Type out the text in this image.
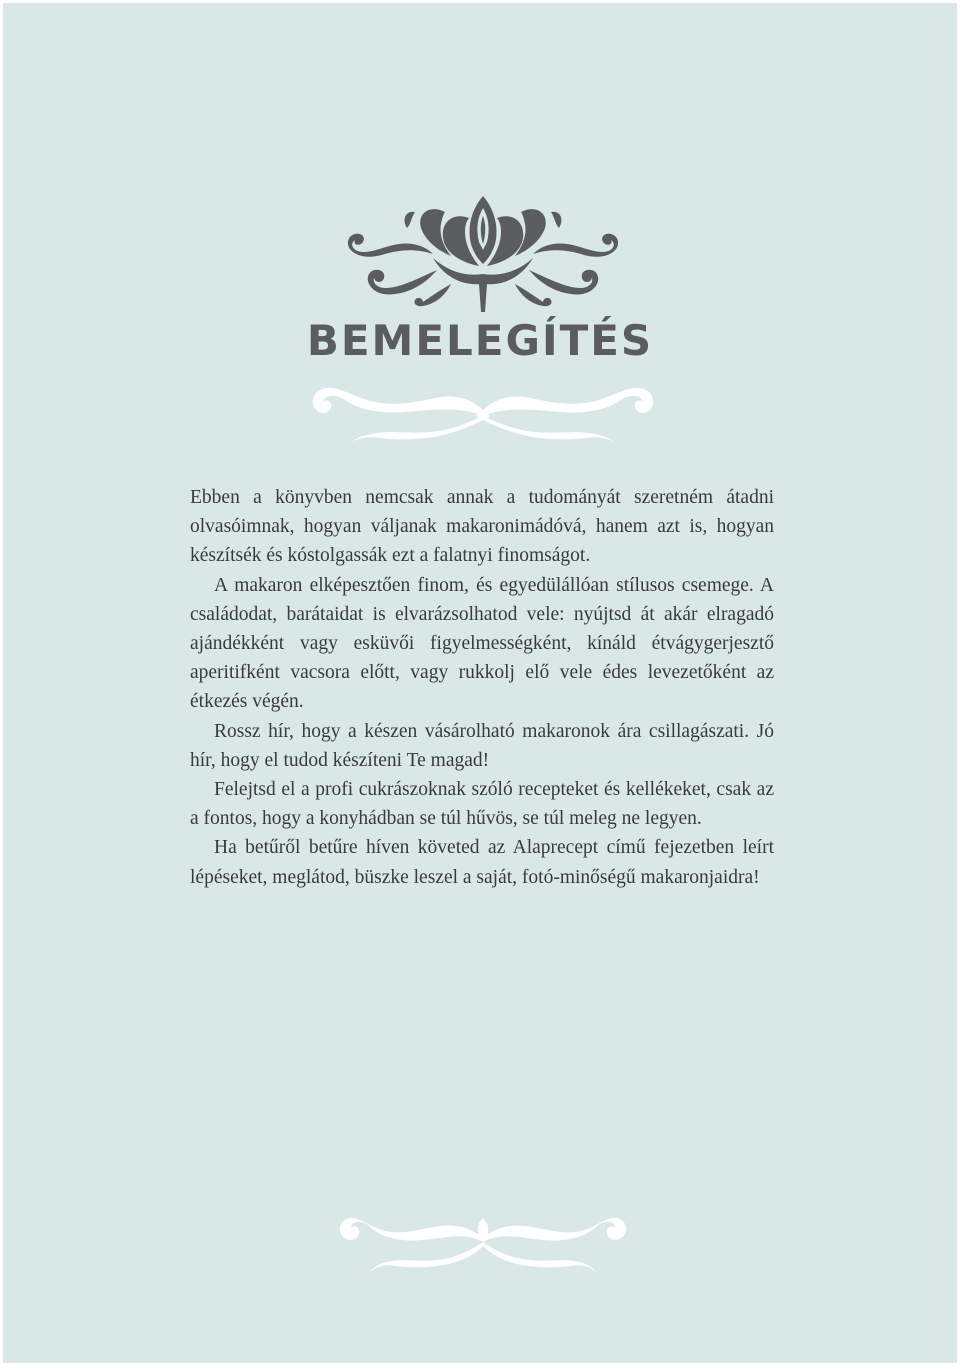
BEMELEGÍTÉS

Ebben a könyvben nemcsak annak a tudományát szeretném átadni olvasóimnak, hogyan váljanak makaronimádóvá, hanem azt is, hogyan készítsék és kóstolgassák ezt a falatnyi finomságot.

A makaron elképesztően finom, és egyedülállóan stílusos csemege. A családodat, barátaidat is elvarázsolhatod vele: nyújtsd át akár elragadó ajándékként vagy esküvői figyelmességként, kínáld étvágygerjesztő aperitifként vacsora előtt, vagy rukkolj elő vele édes levezetőként az étkezés végén.

Rossz hír, hogy a készen vásárolható makaronok ára csillagászati. Jó hír, hogy el tudod készíteni Te magad!

Felejtsd el a profi cukrászoknak szóló recepteket és kellékeket, csak az a fontos, hogy a konyhádban se túl hűvös, se túl meleg ne legyen.

Ha betűről betűre híven követed az Alaprecept című fejezetben leírt lépéseket, meglátod, büszke leszel a saját, fotó-minőségű makaronjaidra!
